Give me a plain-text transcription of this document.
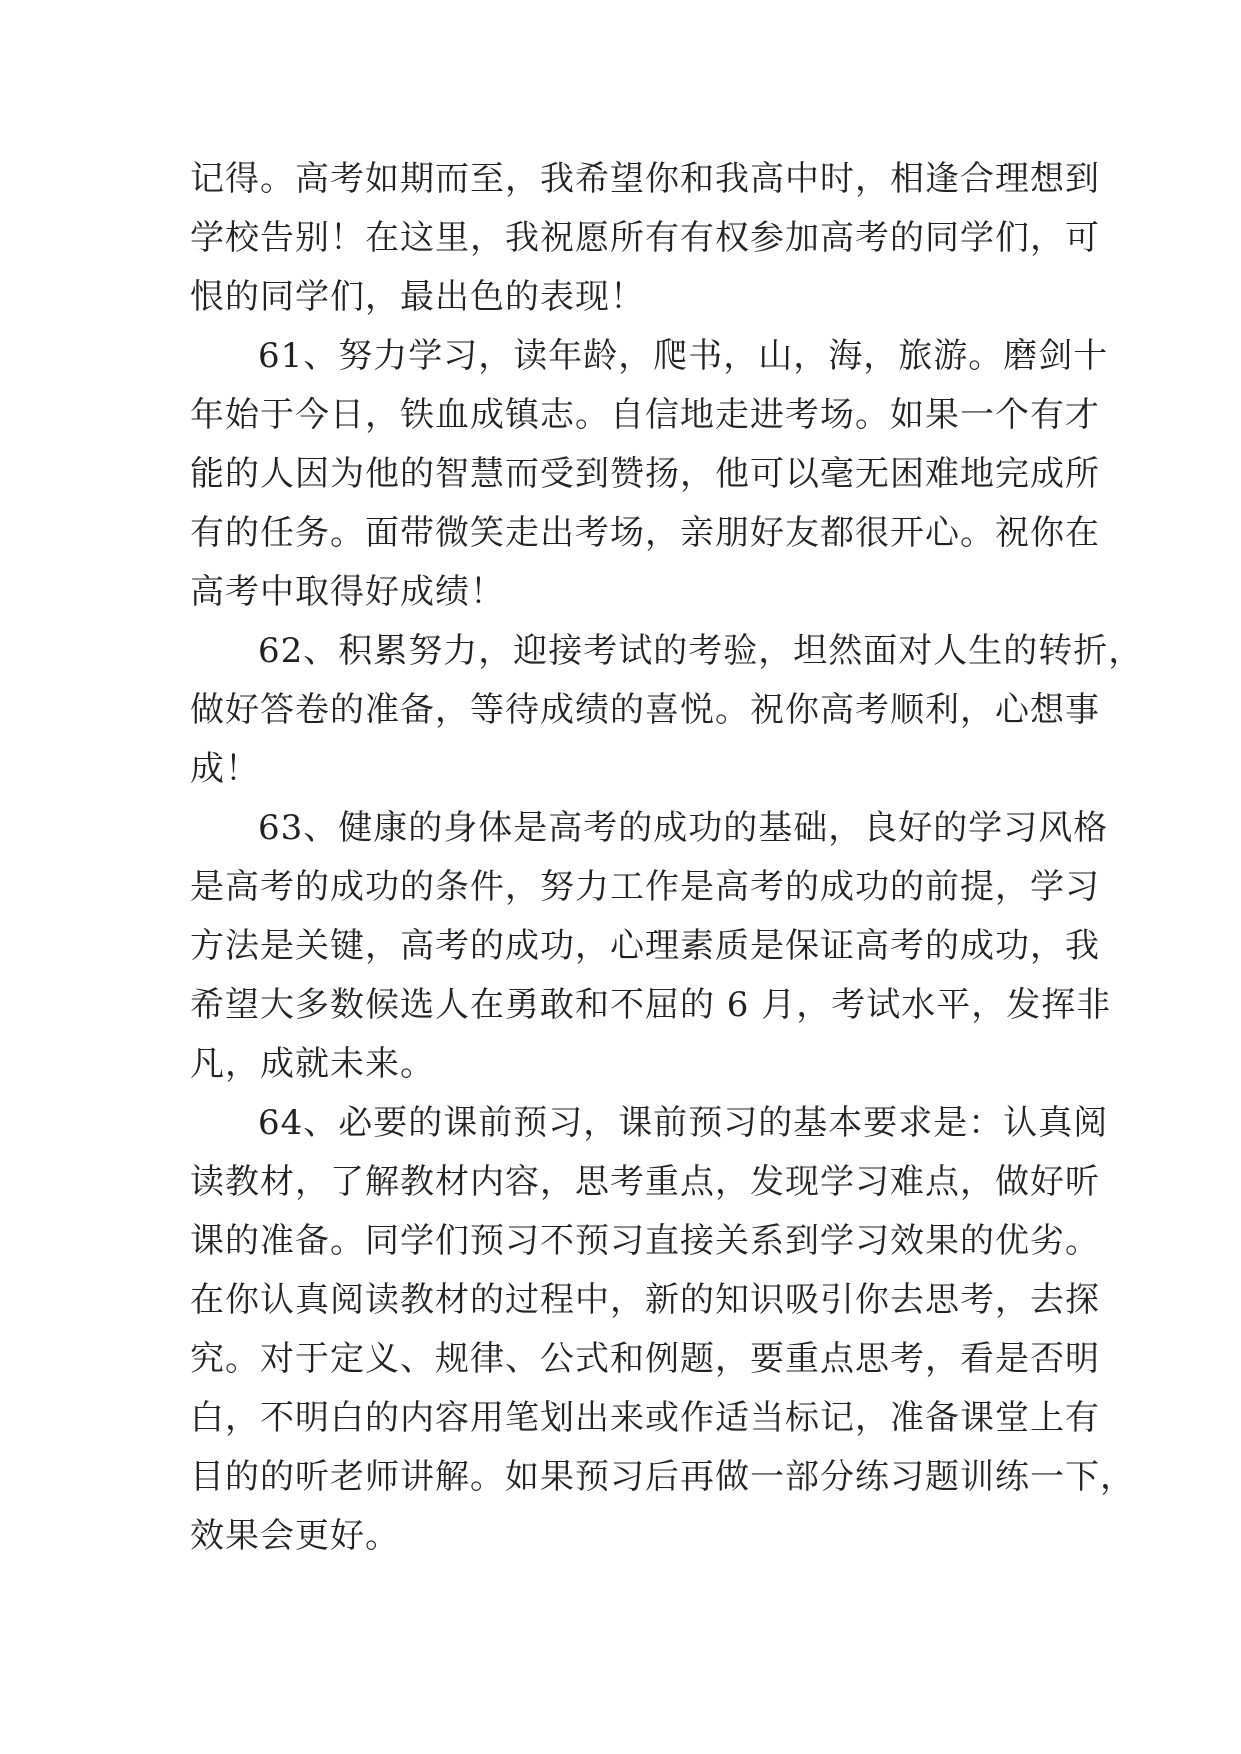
记得。高考如期而至，我希望你和我高中时，相逢合理想到
学校告别！在这里，我祝愿所有有权参加高考的同学们，可
恨的同学们，最出色的表现！
61、努力学习，读年龄，爬书，山，海，旅游。磨剑十
年始于今日，铁血成镇志。自信地走进考场。如果一个有才
能的人因为他的智慧而受到赞扬，他可以毫无困难地完成所
有的任务。面带微笑走出考场，亲朋好友都很开心。祝你在
高考中取得好成绩！
62、积累努力，迎接考试的考验，坦然面对人生的转折，
做好答卷的准备，等待成绩的喜悦。祝你高考顺利，心想事
成！
63、健康的身体是高考的成功的基础，良好的学习风格
是高考的成功的条件，努力工作是高考的成功的前提，学习
方法是关键，高考的成功，心理素质是保证高考的成功，我
希望大多数候选人在勇敢和不屈的 6 月，考试水平，发挥非
凡，成就未来。
64、必要的课前预习，课前预习的基本要求是：认真阅
读教材，了解教材内容，思考重点，发现学习难点，做好听
课的准备。同学们预习不预习直接关系到学习效果的优劣。
在你认真阅读教材的过程中，新的知识吸引你去思考，去探
究。对于定义、规律、公式和例题，要重点思考，看是否明
白，不明白的内容用笔划出来或作适当标记，准备课堂上有
目的的听老师讲解。如果预习后再做一部分练习题训练一下，
效果会更好。
